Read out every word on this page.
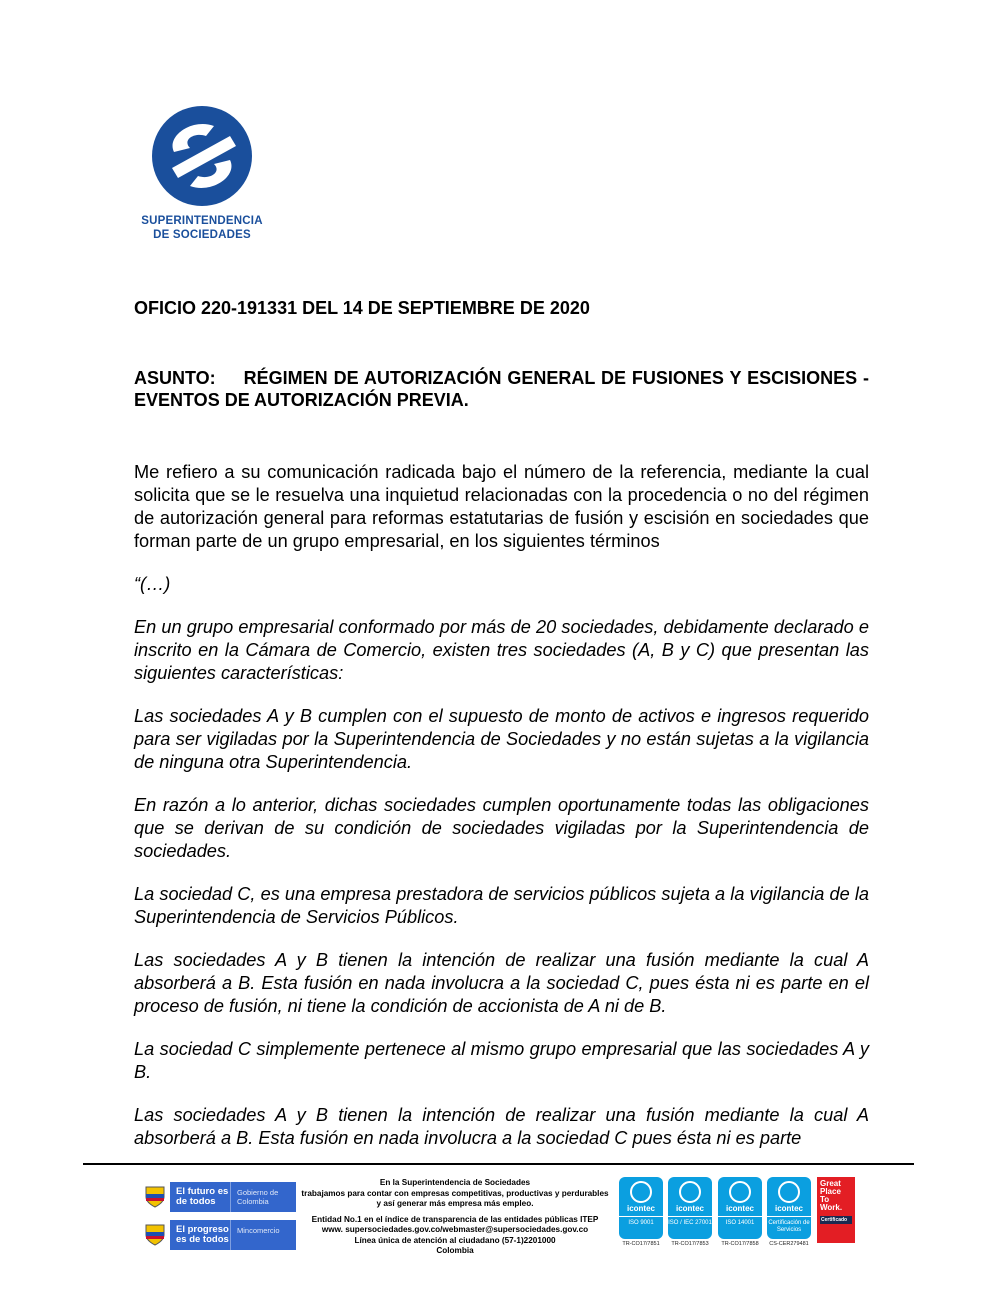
SUPERINTENDENCIA
DE SOCIEDADES

OFICIO 220-191331 DEL 14 DE SEPTIEMBRE DE 2020

ASUNTO: RÉGIMEN DE AUTORIZACIÓN GENERAL DE FUSIONES Y ESCISIONES - EVENTOS DE AUTORIZACIÓN PREVIA.

Me refiero a su comunicación radicada bajo el número de la referencia, mediante la cual solicita que se le resuelva una inquietud relacionadas con la procedencia o no del régimen de autorización general para reformas estatutarias de fusión y escisión en sociedades que forman parte de un grupo empresarial, en los siguientes términos

“(…)

En un grupo empresarial conformado por más de 20 sociedades, debidamente declarado e inscrito en la Cámara de Comercio, existen tres sociedades (A, B y C) que presentan las siguientes características:

Las sociedades A y B cumplen con el supuesto de monto de activos e ingresos requerido para ser vigiladas por la Superintendencia de Sociedades y no están sujetas a la vigilancia de ninguna otra Superintendencia.

En razón a lo anterior, dichas sociedades cumplen oportunamente todas las obligaciones que se derivan de su condición de sociedades vigiladas por la Superintendencia de sociedades.

La sociedad C, es una empresa prestadora de servicios públicos sujeta a la vigilancia de la Superintendencia de Servicios Públicos.

Las sociedades A y B tienen la intención de realizar una fusión mediante la cual A absorberá a B. Esta fusión en nada involucra a la sociedad C, pues ésta ni es parte en el proceso de fusión, ni tiene la condición de accionista de A ni de B.

La sociedad C simplemente pertenece al mismo grupo empresarial que las sociedades A y B.

Las sociedades A y B tienen la intención de realizar una fusión mediante la cual A absorberá a B. Esta fusión en nada involucra a la sociedad C pues ésta ni es parte

El futuro es de todos
Gobierno de Colombia
El progreso es de todos
Mincomercio
En la Superintendencia de Sociedades
trabajamos para contar con empresas competitivas, productivas y perdurables
y así generar más empresa más empleo.
Entidad No.1 en el índice de transparencia de las entidades públicas ITEP
www. supersociedades.gov.co/webmaster@supersociedades.gov.co
Línea única de atención al ciudadano (57-1)2201000
Colombia
icontec
ISO 9001
TR-CO17/7851
icontec
ISO / IEC 27001
TR-CO17/7853
icontec
ISO 14001
TR-CO17/7858
icontec
Certificación de Servicios
CS-CER279481
Great
Place
To
Work.
Certificado
